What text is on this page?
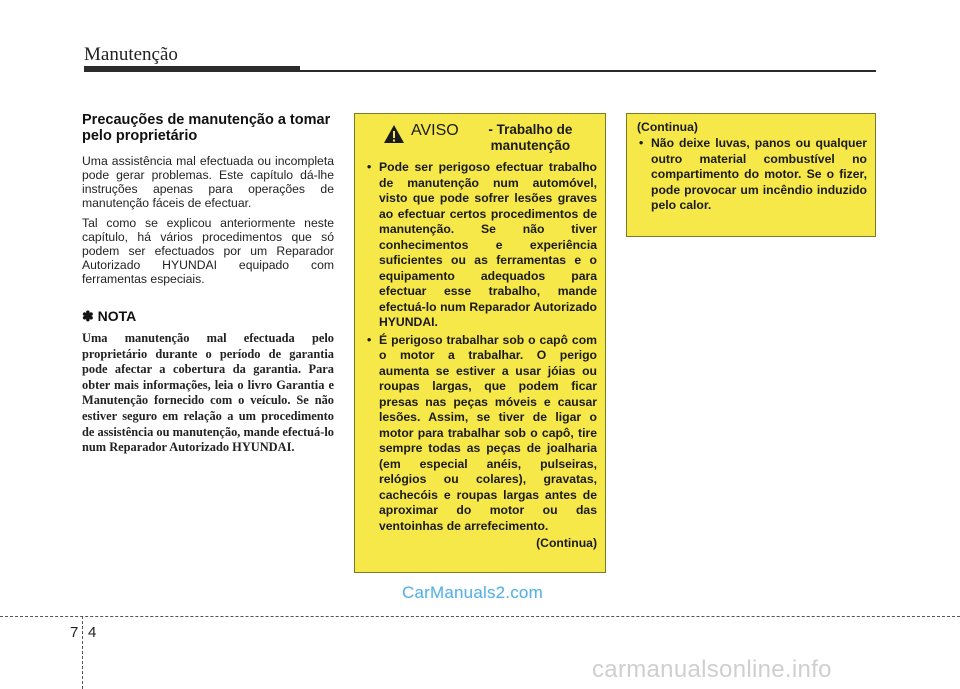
Manutenção
Precauções de manutenção a tomar pelo proprietário

Uma assistência mal efectuada ou incompleta pode gerar problemas. Este capítulo dá-lhe instruções apenas para operações de manutenção fáceis de efectuar.

Tal como se explicou anteriormente neste capítulo, há vários procedimentos que só podem ser efectuados por um Reparador Autorizado HYUNDAI equipado com ferramentas especiais.

✽ NOTA

Uma manutenção mal efectuada pelo proprietário durante o período de garantia pode afectar a cobertura da garantia. Para obter mais informações, leia o livro Garantia e Manutenção fornecido com o veículo. Se não estiver seguro em relação a um procedimento de assistência ou manutenção, mande efectuá-lo num Reparador Autorizado HYUNDAI.

AVISO	- Trabalho de manutenção
• Pode ser perigoso efectuar trabalho de manutenção num automóvel, visto que pode sofrer lesões graves ao efectuar certos procedimentos de manutenção. Se não tiver conhecimentos e experiência suficientes ou as ferramentas e o equipamento adequados para efectuar esse trabalho, mande efectuá-lo num Reparador Autorizado HYUNDAI.
• É perigoso trabalhar sob o capô com o motor a trabalhar. O perigo aumenta se estiver a usar jóias ou roupas largas, que podem ficar presas nas peças móveis e causar lesões. Assim, se tiver de ligar o motor para trabalhar sob o capô, tire sempre todas as peças de joalharia (em especial anéis, pulseiras, relógios ou colares), gravatas, cachecóis e roupas largas antes de aproximar do motor ou das ventoinhas de arrefecimento.
(Continua)
(Continua)
• Não deixe luvas, panos ou qualquer outro material combustível no compartimento do motor. Se o fizer, pode provocar um incêndio induzido pelo calor.
CarManuals2.com
7 4
carmanualsonline.info
